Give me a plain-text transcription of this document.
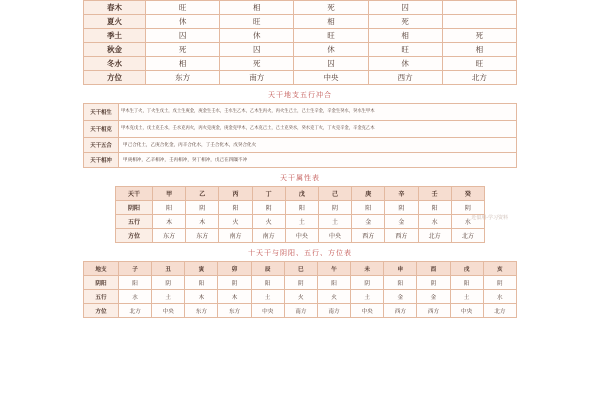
春木	旺	相	死	囚	
夏火	休	旺	相	死	
季土	囚	休	旺	相	死
秋金	死	囚	休	旺	相
冬水	相	死	囚	休	旺
方位	东方	南方	中央	西方	北方
天干地支五行冲合
天干相生	甲木生丁火，丁火生戊土，戊土生庚金，庚金生壬水，壬水生乙木，乙木生丙火，丙火生己土，己土生辛金，辛金生癸水，癸水生甲木
天干相克	甲木克戊土，戊土克壬水，壬水克丙火，丙火克庚金，庚金克甲木，乙木克己土，己土克癸水，癸水克丁火，丁火克辛金，辛金克乙木
天干五合	甲己合化土，乙庚合化金，丙辛合化水，丁壬合化木，戊癸合化火
天干相冲	甲庚相冲，乙辛相冲，壬丙相冲，癸丁相冲，戊己在四隅不冲
天干属性表
天干	甲	乙	丙	丁	戊	己	庚	辛	壬	癸
阴阳	阳	阴	阳	阴	阳	阴	阳	阴	阳	阴
五行	木	木	火	火	土	土	金	金	水	水
方位	东方	东方	南方	南方	中央	中央	西方	西方	北方	北方
十天干与阴阳、五行、方位表
地支	子	丑	寅	卯	辰	巳	午	未	申	酉	戌	亥
阴阳	阳	阴	阳	阴	阳	阴	阳	阴	阳	阴	阳	阴
五行	水	土	木	木	土	火	火	土	金	金	土	水
方位	北方	中央	东方	东方	中央	南方	南方	中央	西方	西方	中央	北方
近似用-学习资料
